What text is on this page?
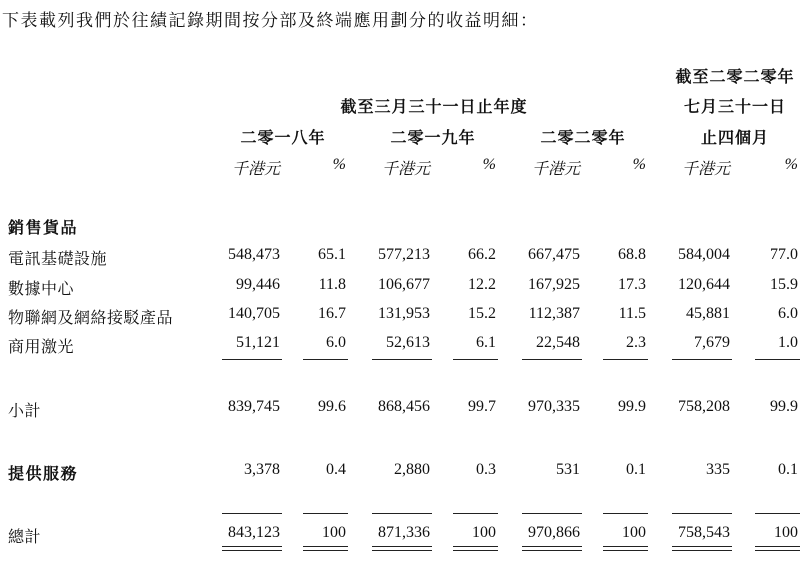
下表載列我們於往績記錄期間按分部及終端應用劃分的收益明細：
截至二零二零年
截至三月三十一日止年度	七月三十一日
二零一八年	二零一九年	二零二零年	止四個月
千港元	%	千港元	%	千港元	%	千港元	%
銷售貨品
電訊基礎設施	548,473	65.1	577,213	66.2	667,475	68.8	584,004	77.0
數據中心	99,446	11.8	106,677	12.2	167,925	17.3	120,644	15.9
物聯網及網絡接駁產品	140,705	16.7	131,953	15.2	112,387	11.5	45,881	6.0
商用激光	51,121	6.0	52,613	6.1	22,548	2.3	7,679	1.0
小計	839,745	99.6	868,456	99.7	970,335	99.9	758,208	99.9
提供服務	3,378	0.4	2,880	0.3	531	0.1	335	0.1
總計	843,123	100	871,336	100	970,866	100	758,543	100
